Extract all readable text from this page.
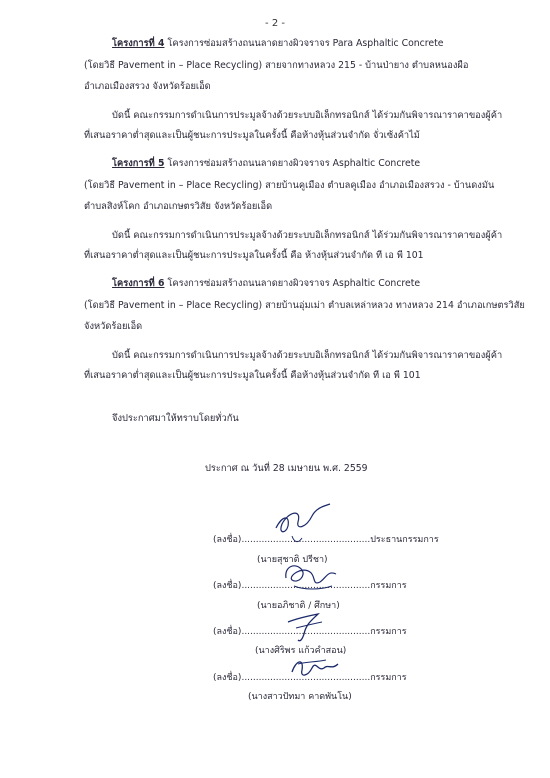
- 2 -
โครงการที่ 4 โครงการซ่อมสร้างถนนลาดยางผิวจราจร Para Asphaltic Concrete
(โดยวิธี Pavement in – Place Recycling) สายจากทางหลวง 215 - บ้านป่ายาง ตำบลหนองผือ
อำเภอเมืองสรวง จังหวัดร้อยเอ็ด
บัดนี้ คณะกรรมการดำเนินการประมูลจ้างด้วยระบบอิเล็กทรอนิกส์ ได้ร่วมกันพิจารณาราคาของผู้ค้า
ที่เสนอราคาต่ำสุดและเป็นผู้ชนะการประมูลในครั้งนี้ คือห้างหุ้นส่วนจำกัด จั่วเซ้งค้าไม้
โครงการที่ 5 โครงการซ่อมสร้างถนนลาดยางผิวจราจร Asphaltic Concrete
(โดยวิธี Pavement in – Place Recycling) สายบ้านคูเมือง ตำบลคูเมือง อำเภอเมืองสรวง - บ้านดงมัน
ตำบลสิงห์โคก อำเภอเกษตรวิสัย จังหวัดร้อยเอ็ด
บัดนี้ คณะกรรมการดำเนินการประมูลจ้างด้วยระบบอิเล็กทรอนิกส์ ได้ร่วมกันพิจารณาราคาของผู้ค้า
ที่เสนอราคาต่ำสุดและเป็นผู้ชนะการประมูลในครั้งนี้ คือ ห้างหุ้นส่วนจำกัด ที เอ พี 101
โครงการที่ 6 โครงการซ่อมสร้างถนนลาดยางผิวจราจร Asphaltic Concrete
(โดยวิธี Pavement in – Place Recycling) สายบ้านอุ่มเม่า ตำบลเหล่าหลวง ทางหลวง 214 อำเภอเกษตรวิสัย
จังหวัดร้อยเอ็ด
บัดนี้ คณะกรรมการดำเนินการประมูลจ้างด้วยระบบอิเล็กทรอนิกส์ ได้ร่วมกันพิจารณาราคาของผู้ค้า
ที่เสนอราคาต่ำสุดและเป็นผู้ชนะการประมูลในครั้งนี้ คือห้างหุ้นส่วนจำกัด ที เอ พี 101
จึงประกาศมาให้ทราบโดยทั่วกัน
ประกาศ ณ วันที่ 28 เมษายน พ.ศ. 2559
(ลงชื่อ).............................................ประธานกรรมการ
(นายสุชาติ ปรีชา)
(ลงชื่อ).............................................กรรมการ
(นายอภิชาติ / ศึกษา)
(ลงชื่อ).............................................กรรมการ
(นางศิริพร แก้วคำสอน)
(ลงชื่อ).............................................กรรมการ
(นางสาวปัทมา คาดพันโน)
